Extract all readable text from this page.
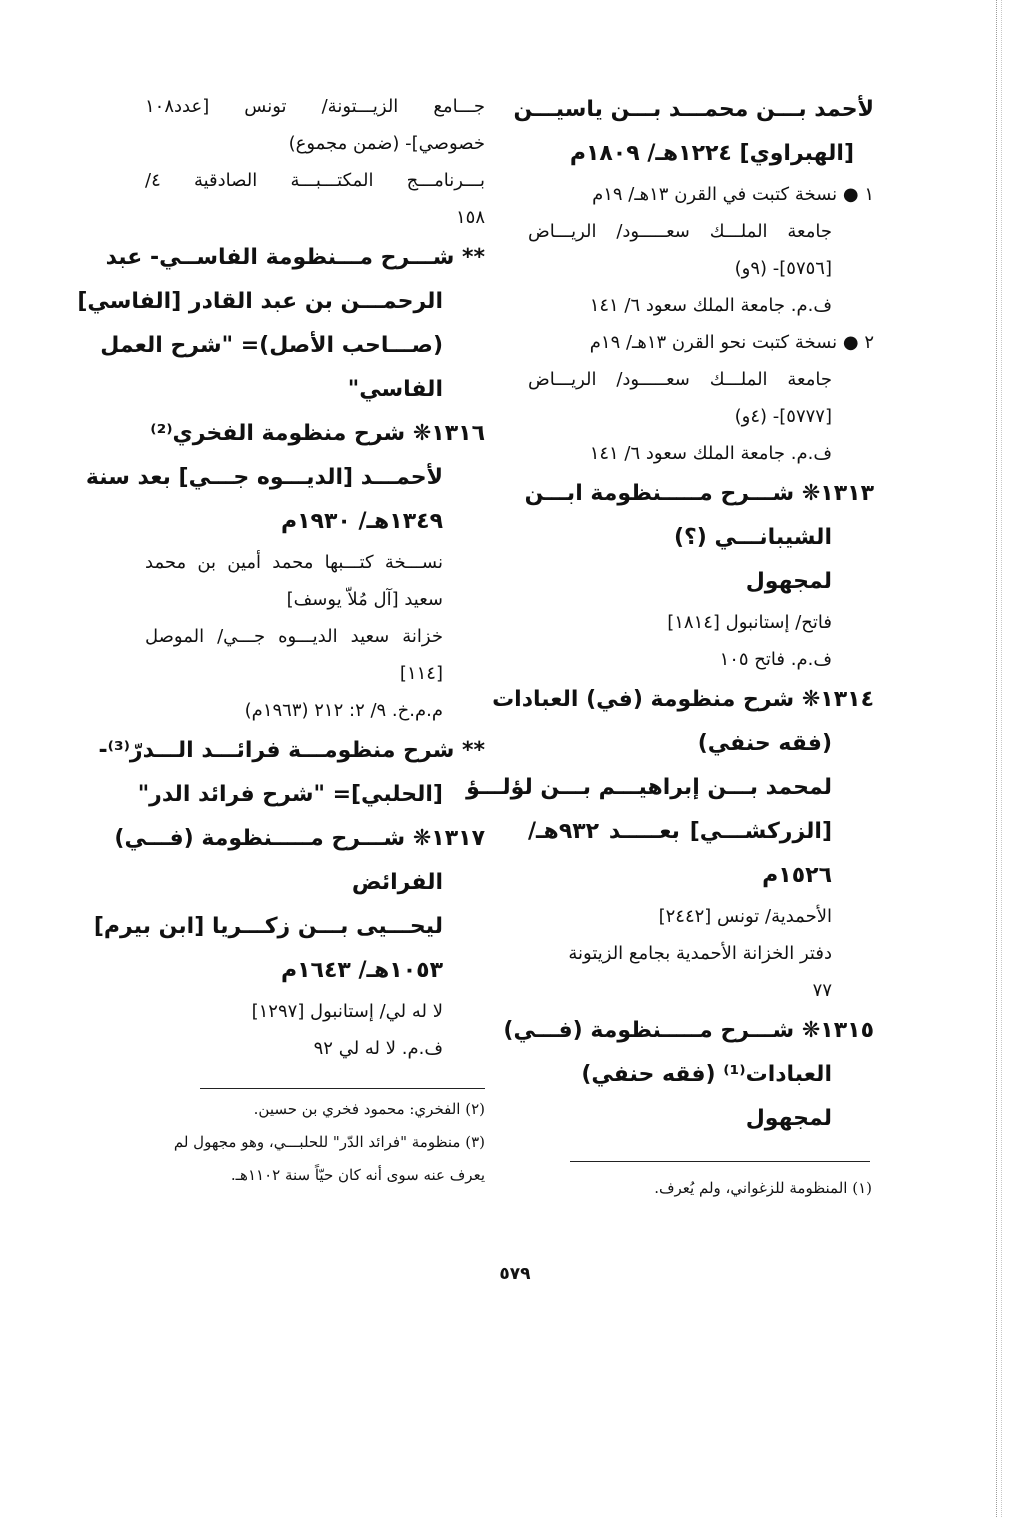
لأحمد بـــن محمـــد بـــن ياسيـــن
[الهبراوي] ١٢٢٤هـ/ ١٨٠٩م
١ ● نسخة كتبت في القرن ١٣هـ/ ١٩م
جامعة الملـــك سعـــــود/ الريـــاض
[٥٧٥٦]- (٩و)
ف.م. جامعة الملك سعود ٦/ ١٤١
٢ ● نسخة كتبت نحو القرن ١٣هـ/ ١٩م
جامعة الملـــك سعـــــود/ الريـــاض
[٥٧٧٧]- (٤و)
ف.م. جامعة الملك سعود ٦/ ١٤١
١٣١٣❋ شـــرح مـــــنظومة ابـــن
الشيبانـــي (؟)
لمجهول
فاتح/ إستانبول [١٨١٤]
ف.م. فاتح ١٠٥
١٣١٤❋ شرح منظومة (في) العبادات
(فقه حنفي)
لمحمد بـــن إبراهيـــم بـــن لؤلـــؤ
[الزركشـــي] بعـــــد ٩٣٢هـ/
١٥٢٦م
الأحمدية/ تونس [٢٤٤٢]
دفتر الخزانة الأحمدية بجامع الزيتونة
٧٧
١٣١٥❋ شـــرح مـــــنظومة (فـــي)
العبادات⁽¹⁾ (فقه حنفي)
لمجهول
جـــامع الزيـــتونة/ تونس [عدد١٠٨
خصوصي]- (ضمن مجموع)
بـــرنامـــج المكتـــبـــة الصادقية ٤/
١٥٨
** شـــرح مـــنظومة الفاســي- عبد
الرحمـــن بن عبد القادر [الفاسي]
(صـــاحب الأصل)= "شرح العمل
الفاسي"
١٣١٦❋ شرح منظومة الفخري⁽²⁾
لأحمـــد [الديـــوه جـــي] بعد سنة
١٣٤٩هـ/ ١٩٣٠م
نســـخة كتـــبها محمد أمين بن محمد
سعيد [آل مُلاّ يوسف]
خزانة سعيد الديـــوه جـــي/ الموصل
[١١٤]
م.م.خ. ٩/ ٢: ٢١٢ (١٩٦٣م)
** شرح منظومـــة فرائـــد الـــدرّ⁽³⁾-
[الحلبي]= "شرح فرائد الدر"
١٣١٧❋ شـــرح مـــــنظومة (فـــي)
الفرائض
ليحـــيى بـــن زكـــريا [ابن بيرم]
١٠٥٣هـ/ ١٦٤٣م
لا له لي/ إستانبول [١٢٩٧]
ف.م. لا له لي ٩٢
(٢) الفخري: محمود فخري بن حسين.
(٣) منظومة "فرائد الدّر" للحلبـــي، وهو مجهول لم
يعرف عنه سوى أنه كان حيّاً سنة ١١٠٢هـ.
(١) المنظومة للزغواني، ولم يُعرف.
٥٧٩
